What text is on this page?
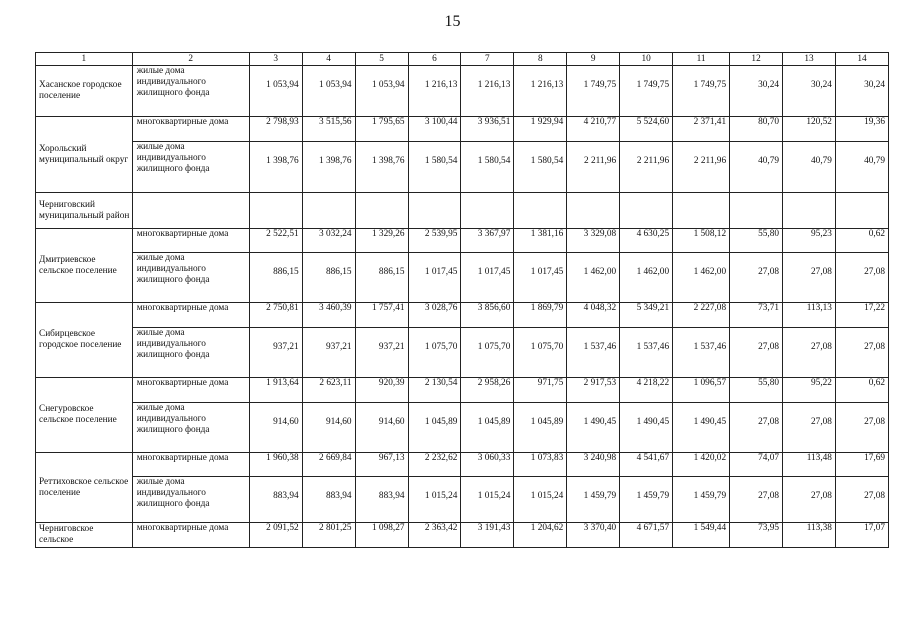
15
1	2	3	4	5	6	7	8	9	10	11	12	13	14
Хасанское городское поселение	жилые дома индивидуального жилищного фонда	1 053,94	1 053,94	1 053,94	1 216,13	1 216,13	1 216,13	1 749,75	1 749,75	1 749,75	30,24	30,24	30,24
Хорольский муниципальный округ	многоквартирные дома	2 798,93	3 515,56	1 795,65	3 100,44	3 936,51	1 929,94	4 210,77	5 524,60	2 371,41	80,70	120,52	19,36
	жилые дома индивидуального жилищного фонда	1 398,76	1 398,76	1 398,76	1 580,54	1 580,54	1 580,54	2 211,96	2 211,96	2 211,96	40,79	40,79	40,79
Черниговский муниципальный район													
Дмитриевское сельское поселение	многоквартирные дома	2 522,51	3 032,24	1 329,26	2 539,95	3 367,97	1 381,16	3 329,08	4 630,25	1 508,12	55,80	95,23	0,62
	жилые дома индивидуального жилищного фонда	886,15	886,15	886,15	1 017,45	1 017,45	1 017,45	1 462,00	1 462,00	1 462,00	27,08	27,08	27,08
Сибирцевское городское поселение	многоквартирные дома	2 750,81	3 460,39	1 757,41	3 028,76	3 856,60	1 869,79	4 048,32	5 349,21	2 227,08	73,71	113,13	17,22
	жилые дома индивидуального жилищного фонда	937,21	937,21	937,21	1 075,70	1 075,70	1 075,70	1 537,46	1 537,46	1 537,46	27,08	27,08	27,08
Снегуровское сельское поселение	многоквартирные дома	1 913,64	2 623,11	920,39	2 130,54	2 958,26	971,75	2 917,53	4 218,22	1 096,57	55,80	95,22	0,62
	жилые дома индивидуального жилищного фонда	914,60	914,60	914,60	1 045,89	1 045,89	1 045,89	1 490,45	1 490,45	1 490,45	27,08	27,08	27,08
Реттиховское сельское поселение	многоквартирные дома	1 960,38	2 669,84	967,13	2 232,62	3 060,33	1 073,83	3 240,98	4 541,67	1 420,02	74,07	113,48	17,69
	жилые дома индивидуального жилищного фонда	883,94	883,94	883,94	1 015,24	1 015,24	1 015,24	1 459,79	1 459,79	1 459,79	27,08	27,08	27,08
Черниговское сельское	многоквартирные дома	2 091,52	2 801,25	1 098,27	2 363,42	3 191,43	1 204,62	3 370,40	4 671,57	1 549,44	73,95	113,38	17,07
